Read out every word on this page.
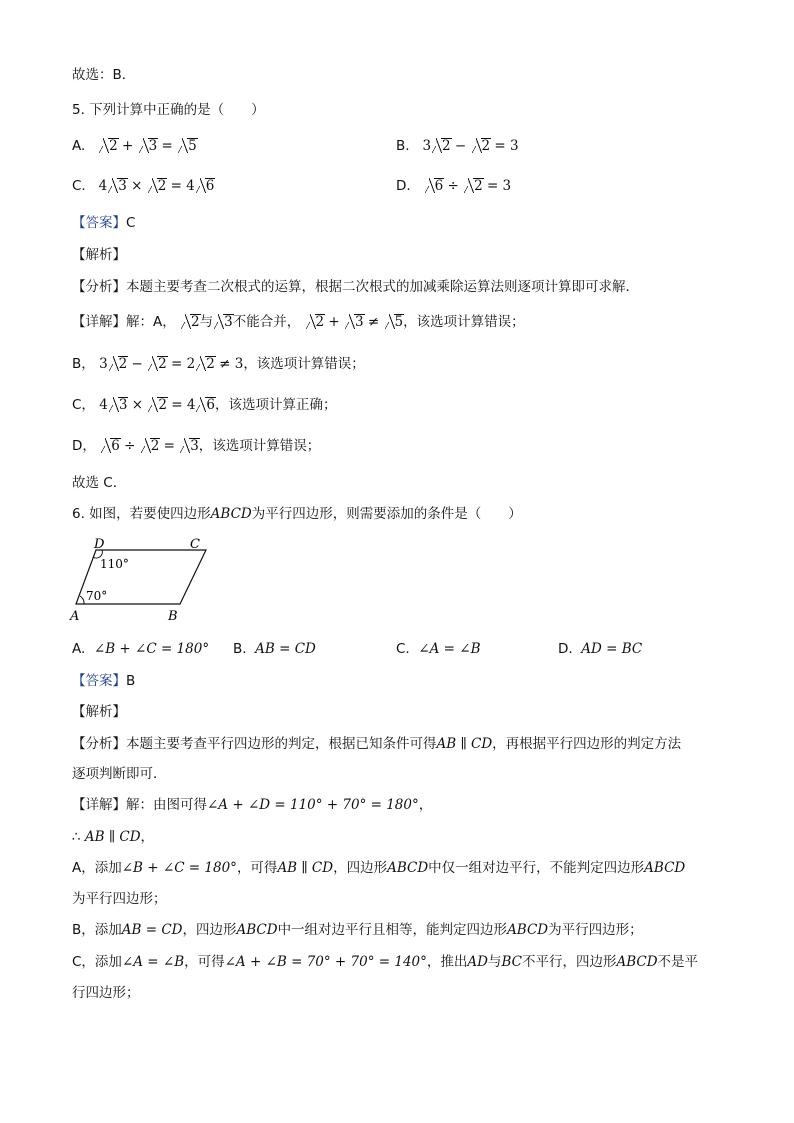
故选：B．
5. 下列计算中正确的是（　　）
A. 2 + 3 = 5	B. 3 2 − 2 = 3
C. 4 3 × 2 = 4 6	D. 6 ÷ 2 = 3
【答案】C
【解析】
【分析】本题主要考查二次根式的运算，根据二次根式的加减乘除运算法则逐项计算即可求解．
【详解】解：A， 2与 3不能合并， 2 + 3 ≠ 5，该选项计算错误；
B， 3 2 − 2 = 2 2 ≠ 3，该选项计算错误；
C， 4 3 × 2 = 4 6，该选项计算正确；
D， 6 ÷ 2 = 3，该选项计算错误；
故选 C．
6. 如图，若要使四边形ABCD为平行四边形，则需要添加的条件是（　　）
D	C
A	B
110°
70°
A. ∠B + ∠C = 180° B. AB = CD	C. ∠A = ∠B	D. AD = BC
【答案】B
【解析】
【分析】本题主要考查平行四边形的判定，根据已知条件可得AB ∥ CD，再根据平行四边形的判定方法
逐项判断即可．
【详解】解：由图可得∠A + ∠D = 110° + 70° = 180°，
∴ AB ∥ CD，
A，添加∠B + ∠C = 180°，可得AB ∥ CD，四边形ABCD中仅一组对边平行，不能判定四边形ABCD
为平行四边形；
B，添加AB = CD，四边形ABCD中一组对边平行且相等，能判定四边形ABCD为平行四边形；
C，添加∠A = ∠B，可得∠A + ∠B = 70° + 70° = 140°，推出AD与BC不平行，四边形ABCD不是平
行四边形；
